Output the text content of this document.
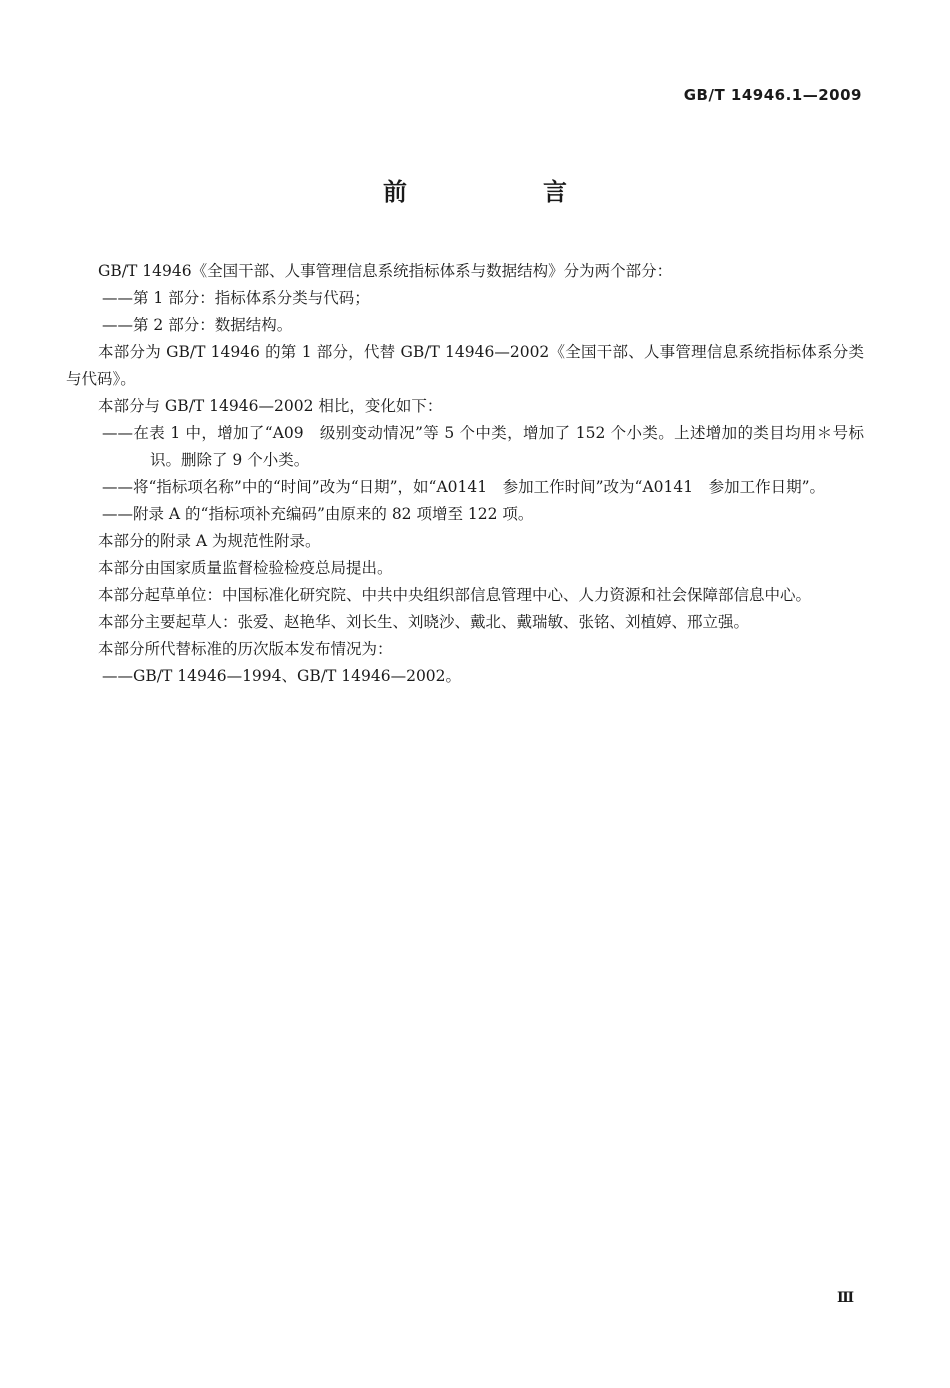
GB/T 14946.1—2009
前　言

GB/T 14946《全国干部、人事管理信息系统指标体系与数据结构》分为两个部分：

——第 1 部分：指标体系分类与代码；

——第 2 部分：数据结构。

本部分为 GB/T 14946 的第 1 部分，代替 GB/T 14946—2002《全国干部、人事管理信息系统指标体系分类与代码》。

本部分与 GB/T 14946—2002 相比，变化如下：

——在表 1 中，增加了“A09　级别变动情况”等 5 个中类，增加了 152 个小类。上述增加的类目均用＊号标识。删除了 9 个小类。

——将“指标项名称”中的“时间”改为“日期”，如“A0141　参加工作时间”改为“A0141　参加工作日期”。

——附录 A 的“指标项补充编码”由原来的 82 项增至 122 项。

本部分的附录 A 为规范性附录。

本部分由国家质量监督检验检疫总局提出。

本部分起草单位：中国标准化研究院、中共中央组织部信息管理中心、人力资源和社会保障部信息中心。

本部分主要起草人：张爱、赵艳华、刘长生、刘晓沙、戴北、戴瑞敏、张铭、刘植婷、邢立强。

本部分所代替标准的历次版本发布情况为：

——GB/T 14946—1994、GB/T 14946—2002。

Ⅲ
